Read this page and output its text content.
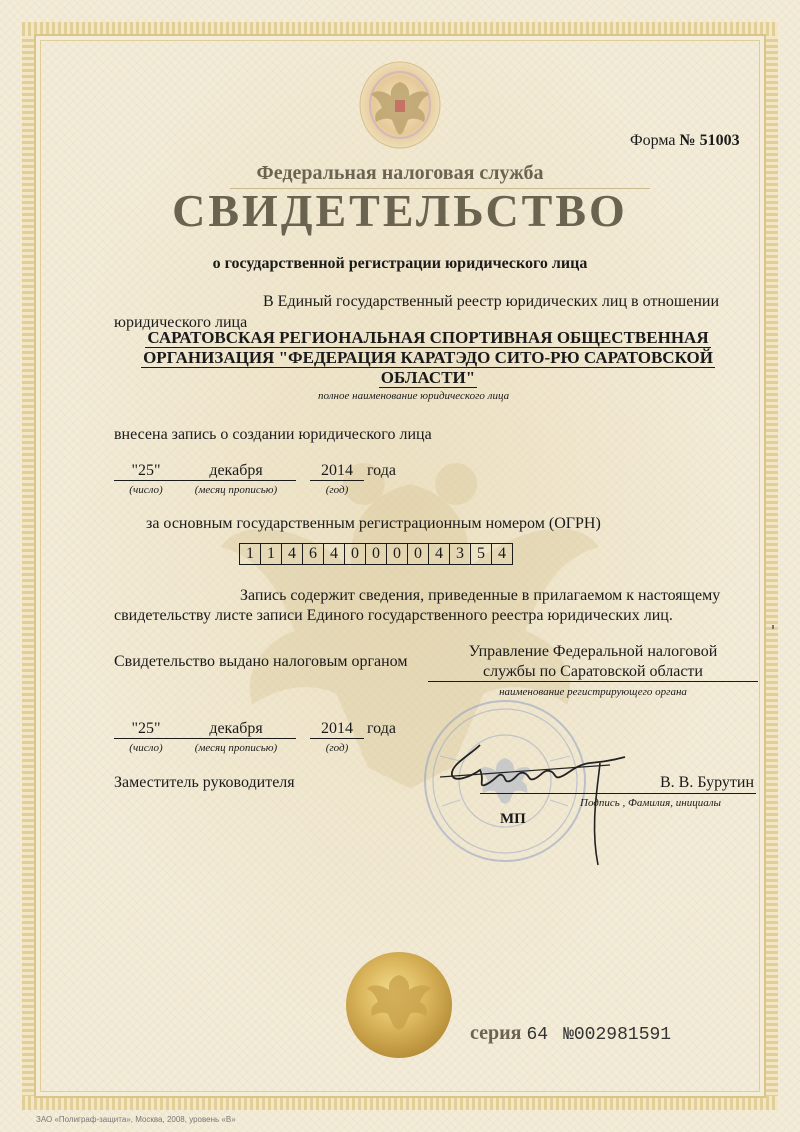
Форма № 51003
Федеральная налоговая служба
СВИДЕТЕЛЬСТВО
о государственной регистрации юридического лица
В Единый государственный реестр юридических лиц в отношении
юридического лица
САРАТОВСКАЯ РЕГИОНАЛЬНАЯ СПОРТИВНАЯ ОБЩЕСТВЕННАЯ
ОРГАНИЗАЦИЯ "ФЕДЕРАЦИЯ КАРАТЭДО СИТО-РЮ САРАТОВСКОЙ
ОБЛАСТИ"
полное наименование юридического лица
внесена запись о создании юридического лица
"25"	декабря	2014 года
(число)	(месяц прописью)	(год)
за основным государственным регистрационным номером (ОГРН)
1 1 4 6 4 0 0 0 0 4 3 5 4
Запись содержит сведения, приведенные в прилагаемом к настоящему
свидетельству листе записи Единого государственного реестра юридических лиц.
Свидетельство выдано налоговым органом
Управление Федеральной налоговой
службы по Саратовской области
наименование регистрирующего органа
"25"	декабря	2014 года
(число)	(месяц прописью)	(год)
Заместитель руководителя	В. В. Бурутин
Подпись , Фамилия, инициалы
МП
серия 64 №002981591
ЗАО «Полиграф-защита», Москва, 2008, уровень «В»
